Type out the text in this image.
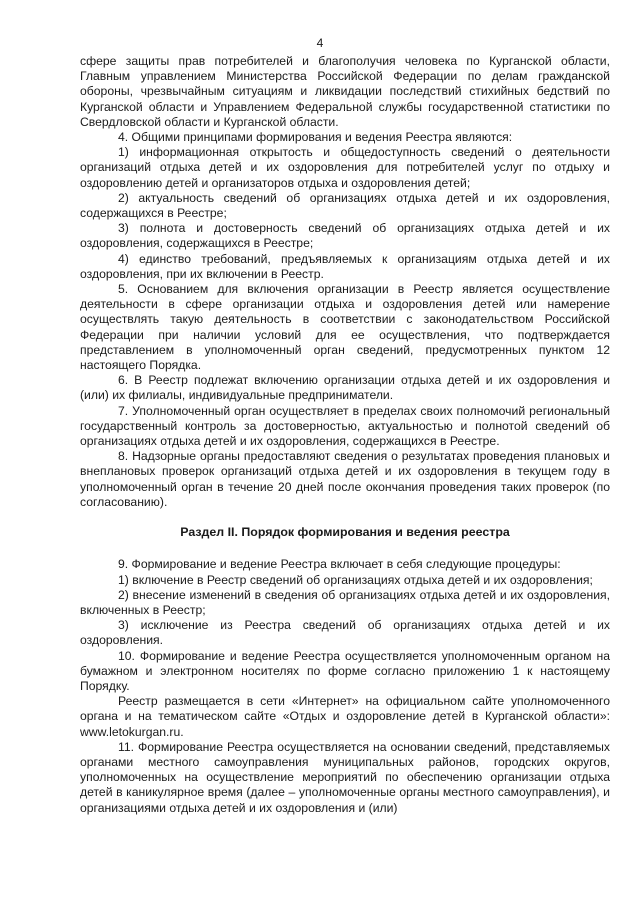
4

сфере защиты прав потребителей и благополучия человека по Курганской области, Главным управлением Министерства Российской Федерации по делам гражданской обороны, чрезвычайным ситуациям и ликвидации последствий стихийных бедствий по Курганской области и Управлением Федеральной службы государственной статистики по Свердловской области и Курганской области.

4. Общими принципами формирования и ведения Реестра являются:

1) информационная открытость и общедоступность сведений о деятельности организаций отдыха детей и их оздоровления для потребителей услуг по отдыху и оздоровлению детей и организаторов отдыха и оздоровления детей;

2) актуальность сведений об организациях отдыха детей и их оздоровления, содержащихся в Реестре;

3) полнота и достоверность сведений об организациях отдыха детей и их оздоровления, содержащихся в Реестре;

4) единство требований, предъявляемых к организациям отдыха детей и их оздоровления, при их включении в Реестр.

5. Основанием для включения организации в Реестр является осуществление деятельности в сфере организации отдыха и оздоровления детей или намерение осуществлять такую деятельность в соответствии с законодательством Российской Федерации при наличии условий для ее осуществления, что подтверждается представлением в уполномоченный орган сведений, предусмотренных пунктом 12 настоящего Порядка.

6. В Реестр подлежат включению организации отдыха детей и их оздоровления и (или) их филиалы, индивидуальные предприниматели.

7. Уполномоченный орган осуществляет в пределах своих полномочий региональный государственный контроль за достоверностью, актуальностью и полнотой сведений об организациях отдыха детей и их оздоровления, содержащихся в Реестре.

8. Надзорные органы предоставляют сведения о результатах проведения плановых и внеплановых проверок организаций отдыха детей и их оздоровления в текущем году в уполномоченный орган в течение 20 дней после окончания проведения таких проверок (по согласованию).

Раздел II. Порядок формирования и ведения реестра

9. Формирование и ведение Реестра включает в себя следующие процедуры:

1) включение в Реестр сведений об организациях отдыха детей и их оздоровления;

2) внесение изменений в сведения об организациях отдыха детей и их оздоровления, включенных в Реестр;

3) исключение из Реестра сведений об организациях отдыха детей и их оздоровления.

10. Формирование и ведение Реестра осуществляется уполномоченным органом на бумажном и электронном носителях по форме согласно приложению 1 к настоящему Порядку.

Реестр размещается в сети «Интернет» на официальном сайте уполномоченного органа и на тематическом сайте «Отдых и оздоровление детей в Курганской области»: www.letokurgan.ru.

11. Формирование Реестра осуществляется на основании сведений, представляемых органами местного самоуправления муниципальных районов, городских округов, уполномоченных на осуществление мероприятий по обеспечению организации отдыха детей в каникулярное время (далее – уполномоченные органы местного самоуправления), и организациями отдыха детей и их оздоровления и (или)
